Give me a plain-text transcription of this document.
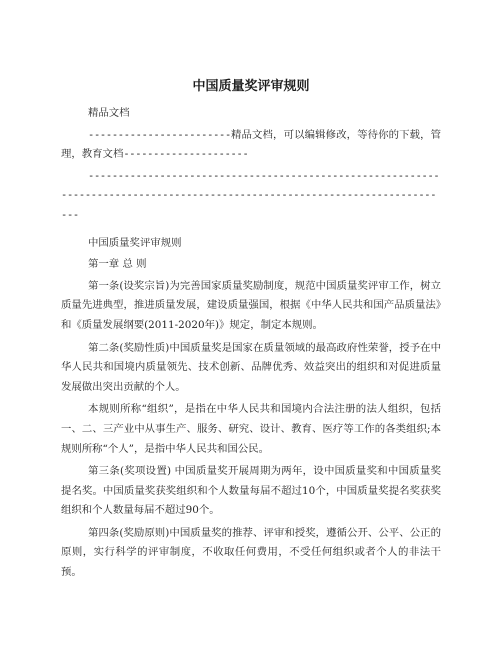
中国质量奖评审规则

精品文档

------------------------精品文档，可以编辑修改，等待你的下载，管理，教育文档---------------------

-----------------------------------------------------------------------------------------------------------------------------

中国质量奖评审规则

第一章 总 则

第一条(设奖宗旨)为完善国家质量奖励制度，规范中国质量奖评审工作，树立质量先进典型，推进质量发展，建设质量强国，根据《中华人民共和国产品质量法》和《质量发展纲要(2011-2020年)》规定，制定本规则。

第二条(奖励性质)中国质量奖是国家在质量领域的最高政府性荣誉，授予在中华人民共和国境内质量领先、技术创新、品牌优秀、效益突出的组织和对促进质量发展做出突出贡献的个人。

本规则所称“组织”，是指在中华人民共和国境内合法注册的法人组织，包括一、二、三产业中从事生产、服务、研究、设计、教育、医疗等工作的各类组织;本规则所称“个人”，是指中华人民共和国公民。

第三条(奖项设置) 中国质量奖开展周期为两年，设中国质量奖和中国质量奖提名奖。中国质量奖获奖组织和个人数量每届不超过10个，中国质量奖提名奖获奖组织和个人数量每届不超过90个。

第四条(奖励原则)中国质量奖的推荐、评审和授奖，遵循公开、公平、公正的原则，实行科学的评审制度，不收取任何费用，不受任何组织或者个人的非法干预。
